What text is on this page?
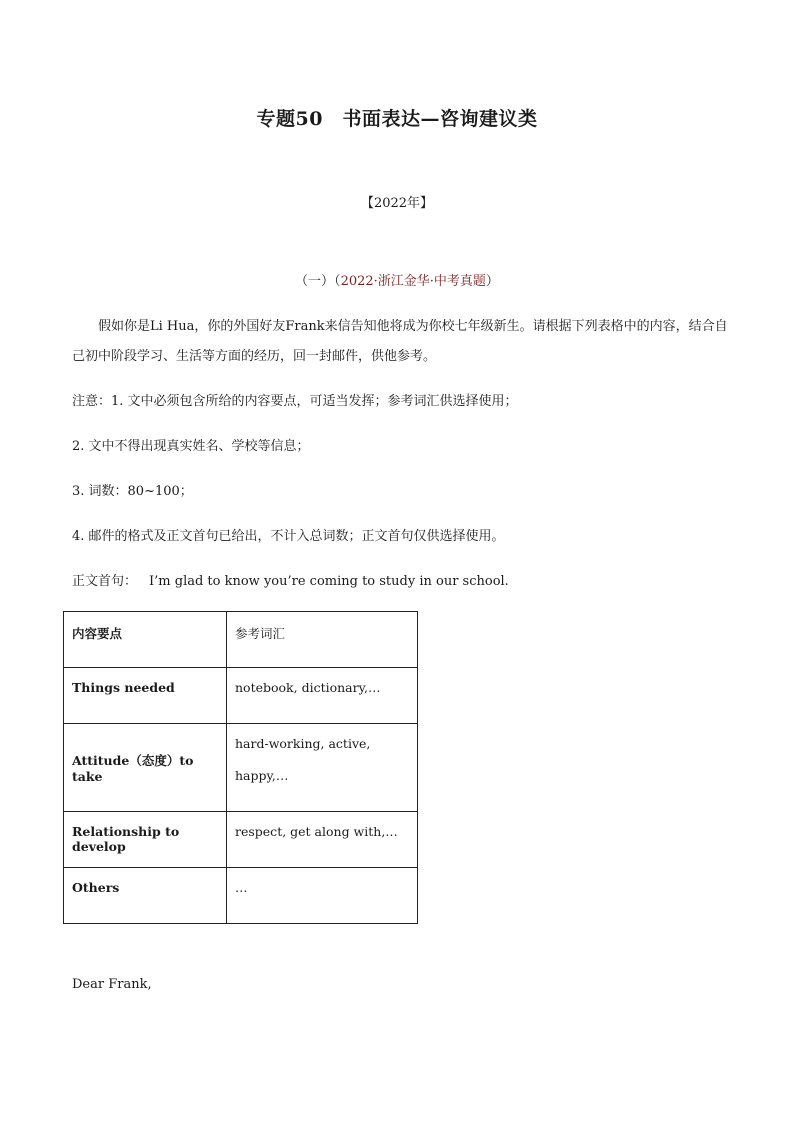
专题50　书面表达—咨询建议类
【2022年】
（一）（2022·浙江金华·中考真题）
假如你是Li Hua，你的外国好友Frank来信告知他将成为你校七年级新生。请根据下列表格中的内容，结合自己初中阶段学习、生活等方面的经历，回一封邮件，供他参考。
注意：1. 文中必须包含所给的内容要点，可适当发挥；参考词汇供选择使用；
2. 文中不得出现真实姓名、学校等信息；
3. 词数：80~100；
4. 邮件的格式及正文首句已给出，不计入总词数；正文首句仅供选择使用。
正文首句： I’m glad to know you’re coming to study in our school.
内容要点	参考词汇
Things needed	notebook, dictionary,…
Attitude（态度）to take	hard-working, active,
happy,…

Relationship to develop	respect, get along with,…
Others	…
Dear Frank,
